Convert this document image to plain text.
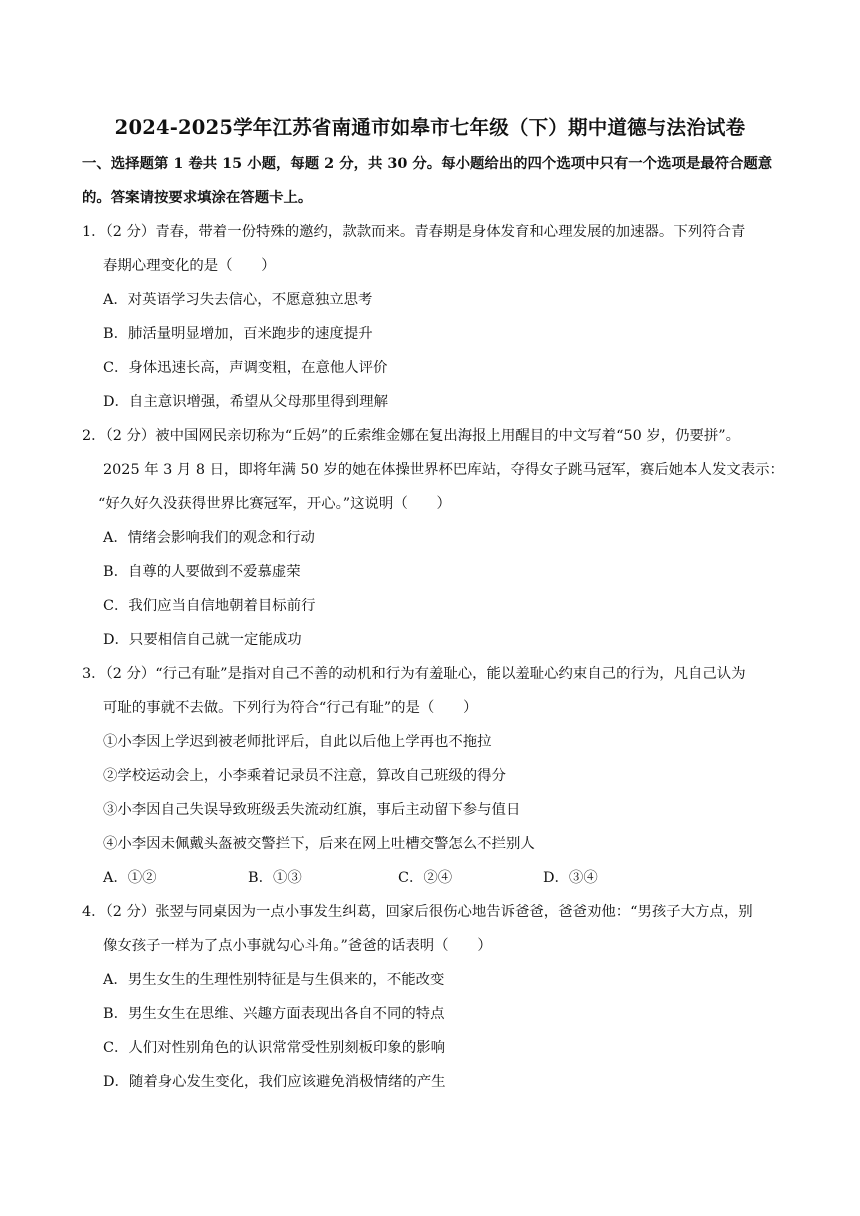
2024-2025学年江苏省南通市如皋市七年级（下）期中道德与法治试卷
一、选择题第 1 卷共 15 小题，每题 2 分，共 30 分。每小题给出的四个选项中只有一个选项是最符合题意
的。答案请按要求填涂在答题卡上。
1．（2 分）青春，带着一份特殊的邀约，款款而来。青春期是身体发育和心理发展的加速器。下列符合青
春期心理变化的是（　　）
A．对英语学习失去信心，不愿意独立思考
B．肺活量明显增加，百米跑步的速度提升
C．身体迅速长高，声调变粗，在意他人评价
D．自主意识增强，希望从父母那里得到理解
2．（2 分）被中国网民亲切称为“丘妈”的丘索维金娜在复出海报上用醒目的中文写着“50 岁，仍要拼”。
2025 年 3 月 8 日，即将年满 50 岁的她在体操世界杯巴库站，夺得女子跳马冠军，赛后她本人发文表示：
“好久好久没获得世界比赛冠军，开心。”这说明（　　）
A．情绪会影响我们的观念和行动
B．自尊的人要做到不爱慕虚荣
C．我们应当自信地朝着目标前行
D．只要相信自己就一定能成功
3．（2 分）“行己有耻”是指对自己不善的动机和行为有羞耻心，能以羞耻心约束自己的行为，凡自己认为
可耻的事就不去做。下列行为符合“行己有耻”的是（　　）
①小李因上学迟到被老师批评后，自此以后他上学再也不拖拉
②学校运动会上，小李乘着记录员不注意，算改自己班级的得分
③小李因自己失误导致班级丢失流动红旗，事后主动留下参与值日
④小李因未佩戴头盔被交警拦下，后来在网上吐槽交警怎么不拦别人
A．①②	B．①③	C．②④	D．③④
4．（2 分）张翌与同桌因为一点小事发生纠葛，回家后很伤心地告诉爸爸，爸爸劝他：“男孩子大方点，别
像女孩子一样为了点小事就勾心斗角。”爸爸的话表明（　　）
A．男生女生的生理性别特征是与生俱来的，不能改变
B．男生女生在思维、兴趣方面表现出各自不同的特点
C．人们对性别角色的认识常常受性别刻板印象的影响
D．随着身心发生变化，我们应该避免消极情绪的产生
